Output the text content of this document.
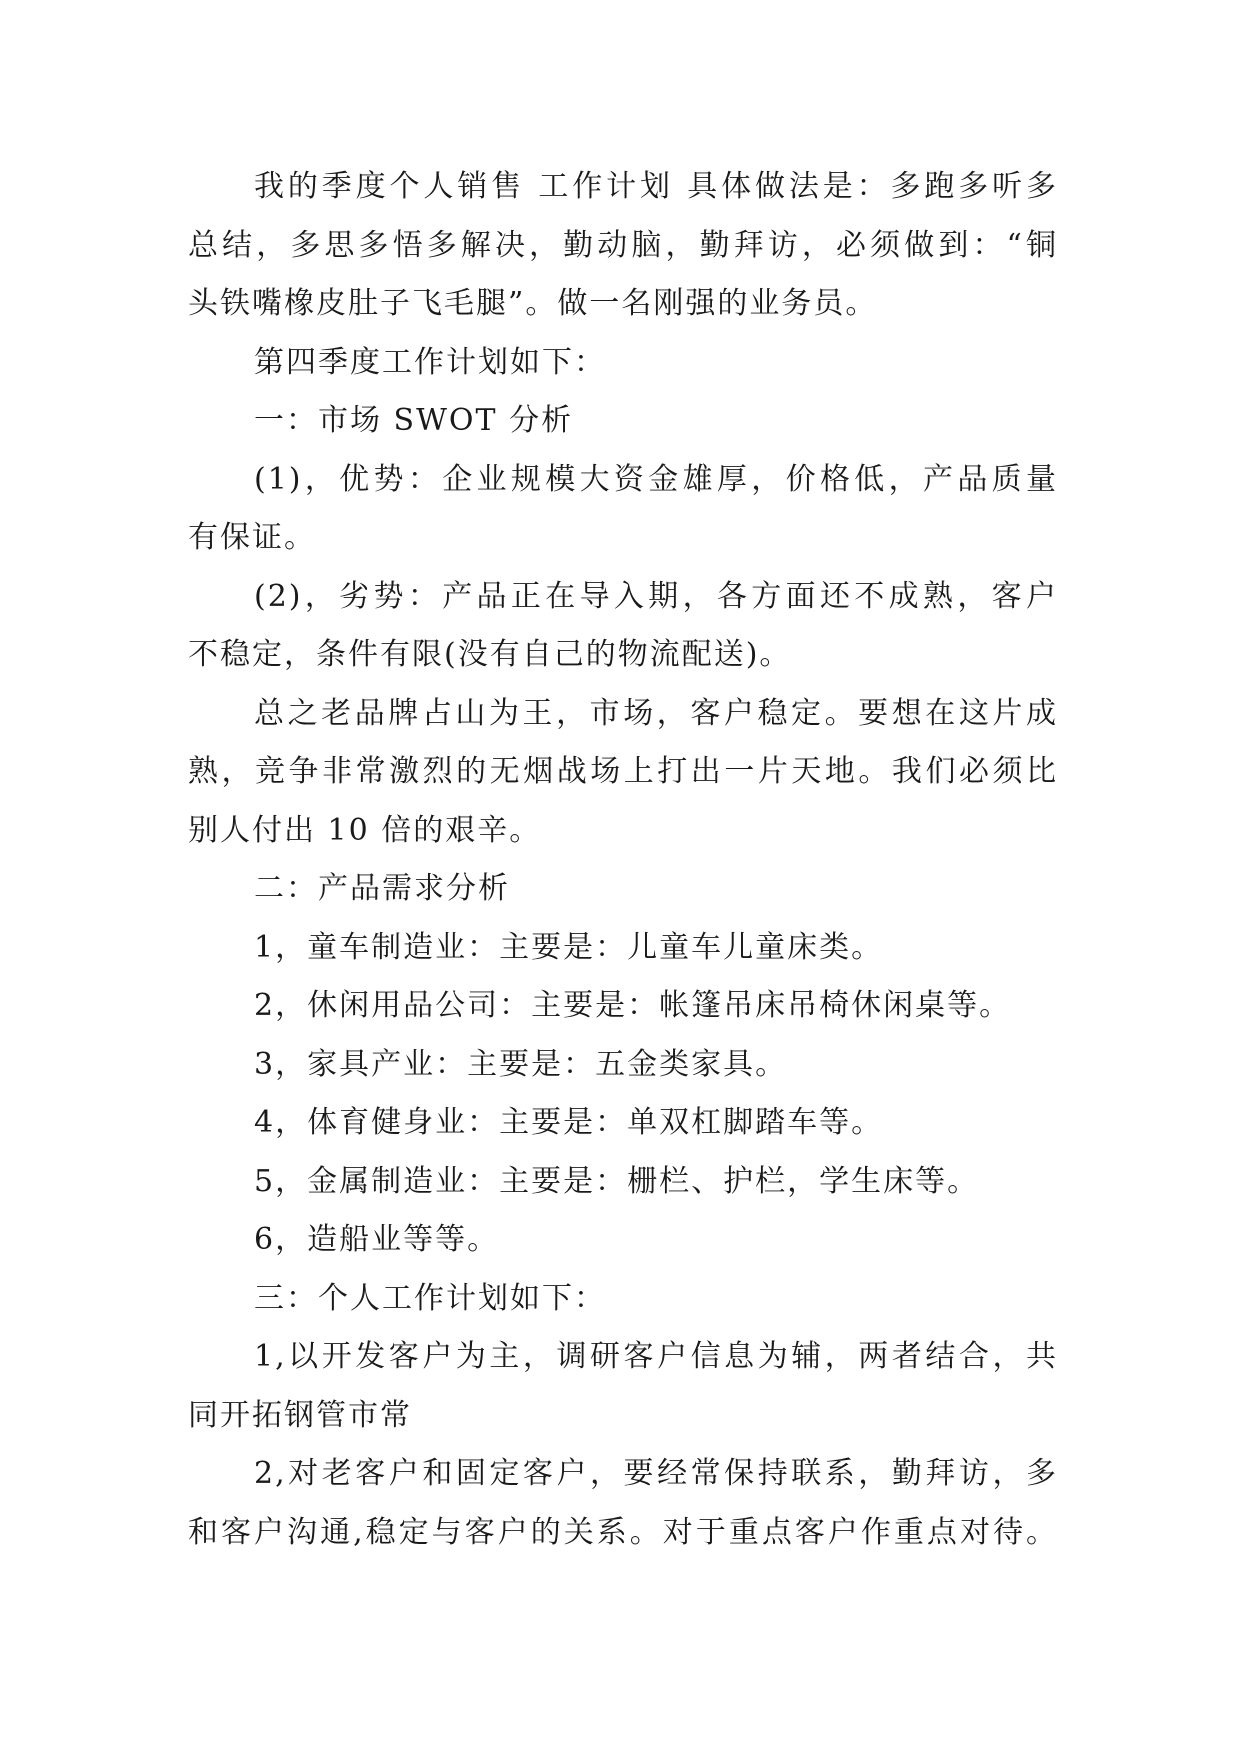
我的季度个人销售 工作计划 具体做法是：多跑多听多
总结，多思多悟多解决，勤动脑，勤拜访，必须做到：“铜
头铁嘴橡皮肚子飞毛腿”。做一名刚强的业务员。
第四季度工作计划如下：
一：市场 SWOT 分析
(1)，优势：企业规模大资金雄厚，价格低，产品质量
有保证。
(2)，劣势：产品正在导入期，各方面还不成熟，客户
不稳定，条件有限(没有自己的物流配送)。
总之老品牌占山为王，市场，客户稳定。要想在这片成
熟，竞争非常激烈的无烟战场上打出一片天地。我们必须比
别人付出 10 倍的艰辛。
二：产品需求分析
1，童车制造业：主要是：儿童车儿童床类。
2，休闲用品公司：主要是：帐篷吊床吊椅休闲桌等。
3，家具产业：主要是：五金类家具。
4，体育健身业：主要是：单双杠脚踏车等。
5，金属制造业：主要是：栅栏、护栏，学生床等。
6，造船业等等。
三：个人工作计划如下：
1,以开发客户为主，调研客户信息为辅，两者结合，共
同开拓钢管市常
2,对老客户和固定客户，要经常保持联系，勤拜访，多
和客户沟通,稳定与客户的关系。对于重点客户作重点对待。
